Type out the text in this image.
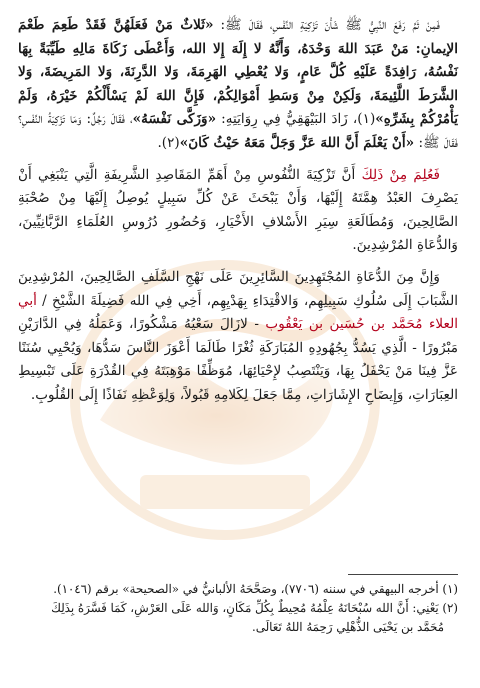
فَمِنْ ثَمَّ رَفَعَ النَّبِيُّ ﷺ شَأْنَ تَزْكِيَةِ النَّفْسِ، فَقَالَ ﷺ: «ثَلاثٌ مَنْ فَعَلَهُنَّ فَقَدْ طَعِمَ طَعْمَ الإيمانِ: مَنْ عَبَدَ اللهَ وَحْدَهُ، وَأَنَّهُ لا إِلَهَ إِلا الله، وَأَعْطَى زَكَاةَ مَالِهِ طَيِّبَةً بِهَا نَفْسُهُ، رَافِدَةً عَلَيْهِ كُلَّ عَامٍ، وَلا يُعْطِي الهَرِمَةَ، وَلا الدَّرِنَةَ، وَلا المَرِيضَةَ، وَلا الشَّرَطَ اللَّئِيمَةَ، وَلَكِنْ مِنْ وَسَطِ أَمْوَالِكُمْ، فَإِنَّ اللهَ لَمْ يَسْأَلْكُمْ خَيْرَهُ، وَلَمْ يَأْمُرْكُمْ بِشَرِّهِ»(١)، زَادَ البَيْهَقِيُّ فِي رِوَايَتِهِ: «وَزَكَّى نَفْسَهُ»، فَقَالَ رَجُلٌ: وَمَا تَزْكِيَةُ النَّفْسِ؟ فَقَالَ ﷺ: «أَنْ يَعْلَمَ أَنَّ اللهَ عَزَّ وَجَلَّ مَعَهُ حَيْثُ كَانَ»(٢).

فَعُلِمَ مِنْ ذَلِكَ أَنَّ تَزْكِيَةَ النُّفُوسِ مِنْ أَهَمِّ المَقَاصِدِ الشَّرِيفَةِ الَّتِي يَنْبَغِي أَنْ يَصْرِفَ العَبْدُ هِمَّتَهُ إِلَيْهَا، وَأَنْ يَبْحَثَ عَنْ كُلِّ سَبِيلٍ يُوصِلُ إِلَيْهَا مِنْ صُحْبَةِ الصَّالِحِينَ، وَمُطَالَعَةِ سِيَرِ الأَسْلافِ الأَخْيَارِ، وَحُضُورِ دُرُوسِ العُلَمَاءِ الرَّبَّانِيِّينَ، وَالدُّعَاةِ المُرْشِدِينَ.

وَإِنَّ مِنَ الدُّعَاةِ المُجْتَهِدِينَ السَّائِرِينَ عَلَى نَهْجِ السَّلَفِ الصَّالِحِينَ، المُرْشِدِينَ الشَّبَابَ إِلَى سُلُوكِ سَبِيلِهِم، وَالاقْتِدَاءِ بِهَدْيِهِم، أَخِي فِي الله فَضِيلَةَ الشَّيْخِ / أبي العلاء مُحَمَّد بن حُسَين بن يَعْقُوب - لازَالَ سَعْيُهُ مَشْكُورًا، وَعَمَلُهُ فِي الدَّارَيْنِ مَبْرُورًا - الَّذِي يَسُدُّ بِجُهُودِهِ المُبَارَكَةِ ثُغْرًا طَالَمَا أَعْوَزَ النَّاسَ سَدُّهَا، وَيُحْيِي سُنَنًا عَزَّ فِينَا مَنْ يَحْفَلُ بِهَا، وَيَنْتَصِبُ لإِحْيَائِهَا، مُوَظِّفًا مَوْهِبَتَهُ فِي القُدْرَةِ عَلَى تَبْسِيطِ العِبَارَاتِ، وَإِيضَاحِ الإِشَارَاتِ، مِمَّا جَعَلَ لِكَلامِهِ قَبُولاً، وَلِوَعْظِهِ نَفَاذًا إِلَى القُلُوبِ.

(١) أخرجه البيهقي في سننه (٧٧٠٦)، وصَحَّحَهُ الألبانيُّ في «الصحيحة» برقم (١٠٤٦).

(٢) يَعْنِي: أَنَّ الله سُبْحَانَهُ عِلْمُهُ مُحِيطٌ بِكُلِّ مَكَانٍ، وَالله عَلَى العَرْشِ، كَمَا فَسَّرَهُ بِذَلِكَ

مُحَمَّد بن يَحْيَى الذُّهْلِي رَحِمَهُ اللهُ تَعَالَى.
